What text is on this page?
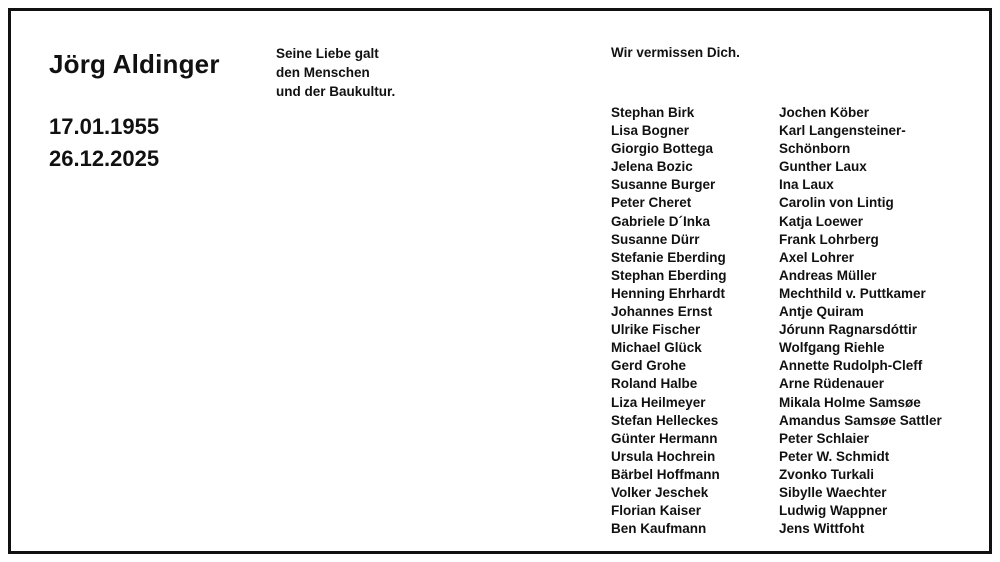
Jörg Aldinger
17.01.1955
26.12.2025
Seine Liebe galt
den Menschen
und der Baukultur.
Wir vermissen Dich.
Stephan Birk
Lisa Bogner
Giorgio Bottega
Jelena Bozic
Susanne Burger
Peter Cheret
Gabriele D´Inka
Susanne Dürr
Stefanie Eberding
Stephan Eberding
Henning Ehrhardt
Johannes Ernst
Ulrike Fischer
Michael Glück
Gerd Grohe
Roland Halbe
Liza Heilmeyer
Stefan Helleckes
Günter Hermann
Ursula Hochrein
Bärbel Hoffmann
Volker Jeschek
Florian Kaiser
Ben Kaufmann
Jochen Köber
Karl Langensteiner-
Schönborn
Gunther Laux
Ina Laux
Carolin von Lintig
Katja Loewer
Frank Lohrberg
Axel Lohrer
Andreas Müller
Mechthild v. Puttkamer
Antje Quiram
Jórunn Ragnarsdóttir
Wolfgang Riehle
Annette Rudolph-Cleff
Arne Rüdenauer
Mikala Holme Samsøe
Amandus Samsøe Sattler
Peter Schlaier
Peter W. Schmidt
Zvonko Turkali
Sibylle Waechter
Ludwig Wappner
Jens Wittfoht
